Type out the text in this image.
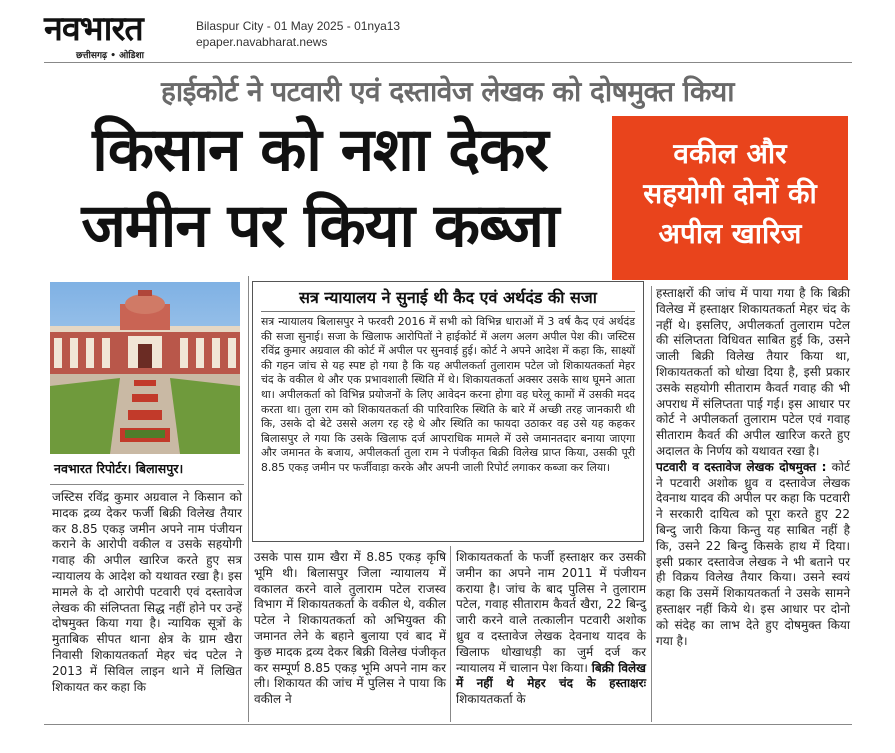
नवभारत
छत्तीसगढ़ • ओडिशा
Bilaspur City - 01 May 2025 - 01nya13
epaper.navabharat.news
हाईकोर्ट ने पटवारी एवं दस्तावेज लेखक को दोषमुक्त किया
किसान को नशा देकर
जमीन पर किया कब्जा
वकील और
सहयोगी दोनों की
अपील खारिज
नवभारत रिपोर्टर। बिलासपुर।
जस्टिस रविंद्र कुमार अग्रवाल ने किसान को मादक द्रव्य देकर फर्जी बिक्री विलेख तैयार कर 8.85 एकड़ जमीन अपने नाम पंजीयन कराने के आरोपी वकील व उसके सहयोगी गवाह की अपील खारिज करते हुए सत्र न्यायालय के आदेश को यथावत रखा है। इस मामले के दो आरोपी पटवारी एवं दस्तावेज लेखक की संलिप्तता सिद्ध नहीं होने पर उन्हें दोषमुक्त किया गया है। न्यायिक सूत्रों के मुताबिक सीपत थाना क्षेत्र के ग्राम खैरा निवासी शिकायतकर्ता मेहर चंद पटेल ने 2013 में सिविल लाइन थाने में लिखित शिकायत कर कहा कि
सत्र न्यायालय ने सुनाई थी कैद एवं अर्थदंड की सजा
सत्र न्यायालय बिलासपुर ने फरवरी 2016 में सभी को विभिन्न धाराओं में 3 वर्ष कैद एवं अर्थदंड की सजा सुनाई। सजा के खिलाफ आरोपितों ने हाईकोर्ट में अलग अलग अपील पेश की। जस्टिस रविंद्र कुमार अग्रवाल की कोर्ट में अपील पर सुनवाई हुई। कोर्ट ने अपने आदेश में कहा कि, साक्ष्यों की गहन जांच से यह स्पष्ट हो गया है कि यह अपीलकर्ता तुलाराम पटेल जो शिकायतकर्ता मेहर चंद के वकील थे और एक प्रभावशाली स्थिति में थे। शिकायतकर्ता अक्सर उसके साथ घूमने आता था। अपीलकर्ता को विभिन्न प्रयोजनों के लिए आवेदन करना होगा वह घरेलू कामों में उसकी मदद करता था। तुला राम को शिकायतकर्ता की पारिवारिक स्थिति के बारे में अच्छी तरह जानकारी थी कि, उसके दो बेटे उससे अलग रह रहे थे और स्थिति का फायदा उठाकर वह उसे यह कहकर बिलासपुर ले गया कि उसके खिलाफ दर्ज आपराधिक मामले में उसे जमानतदार बनाया जाएगा और जमानत के बजाय, अपीलकर्ता तुला राम ने पंजीकृत बिक्री विलेख प्राप्त किया, उसकी पूरी 8.85 एकड़ जमीन पर फर्जीवाड़ा करके और अपनी जाली रिपोर्ट लगाकर कब्जा कर लिया।
उसके पास ग्राम खैरा में 8.85 एकड़ कृषि भूमि थी। बिलासपुर जिला न्यायालय में वकालत करने वाले तुलाराम पटेल राजस्व विभाग में शिकायतकर्ता के वकील थे, वकील पटेल ने शिकायतकर्ता को अभियुक्त की जमानत लेने के बहाने बुलाया एवं बाद में कुछ मादक द्रव्य देकर बिक्री विलेख पंजीकृत कर सम्पूर्ण 8.85 एकड़ भूमि अपने नाम कर ली। शिकायत की जांच में पुलिस ने पाया कि वकील ने
शिकायतकर्ता के फर्जी हस्ताक्षर कर उसकी जमीन का अपने नाम 2011 में पंजीयन कराया है। जांच के बाद पुलिस ने तुलाराम पटेल, गवाह सीताराम कैवर्त खैरा, 22 बिन्दु जारी करने वाले तत्कालीन पटवारी अशोक ध्रुव व दस्तावेज लेखक देवनाथ यादव के खिलाफ धोखाधड़ी का जुर्म दर्ज कर न्यायालय में चालान पेश किया। बिक्री विलेख में नहीं थे मेहर चंद के हस्ताक्षरः शिकायतकर्ता के
हस्ताक्षरों की जांच में पाया गया है कि बिक्री विलेख में हस्ताक्षर शिकायतकर्ता मेहर चंद के नहीं थे। इसलिए, अपीलकर्ता तुलाराम पटेल की संलिप्तता विधिवत साबित हुई कि, उसने जाली बिक्री विलेख तैयार किया था, शिकायतकर्ता को धोखा दिया है, इसी प्रकार उसके सहयोगी सीताराम कैवर्त गवाह की भी अपराध में संलिप्तता पाई गई। इस आधार पर कोर्ट ने अपीलकर्ता तुलाराम पटेल एवं गवाह सीताराम कैवर्त की अपील खारिज करते हुए अदालत के निर्णय को यथावत रखा है।
पटवारी व दस्तावेज लेखक दोषमुक्त : कोर्ट ने पटवारी अशोक ध्रुव व दस्तावेज लेखक देवनाथ यादव की अपील पर कहा कि पटवारी ने सरकारी दायित्व को पूरा करते हुए 22 बिन्दु जारी किया किन्तु यह साबित नहीं है कि, उसने 22 बिन्दु किसके हाथ में दिया। इसी प्रकार दस्तावेज लेखक ने भी बताने पर ही विक्रय विलेख तैयार किया। उसने स्वयं कहा कि उसमें शिकायतकर्ता ने उसके सामने हस्ताक्षर नहीं किये थे। इस आधार पर दोनो को संदेह का लाभ देते हुए दोषमुक्त किया गया है।
